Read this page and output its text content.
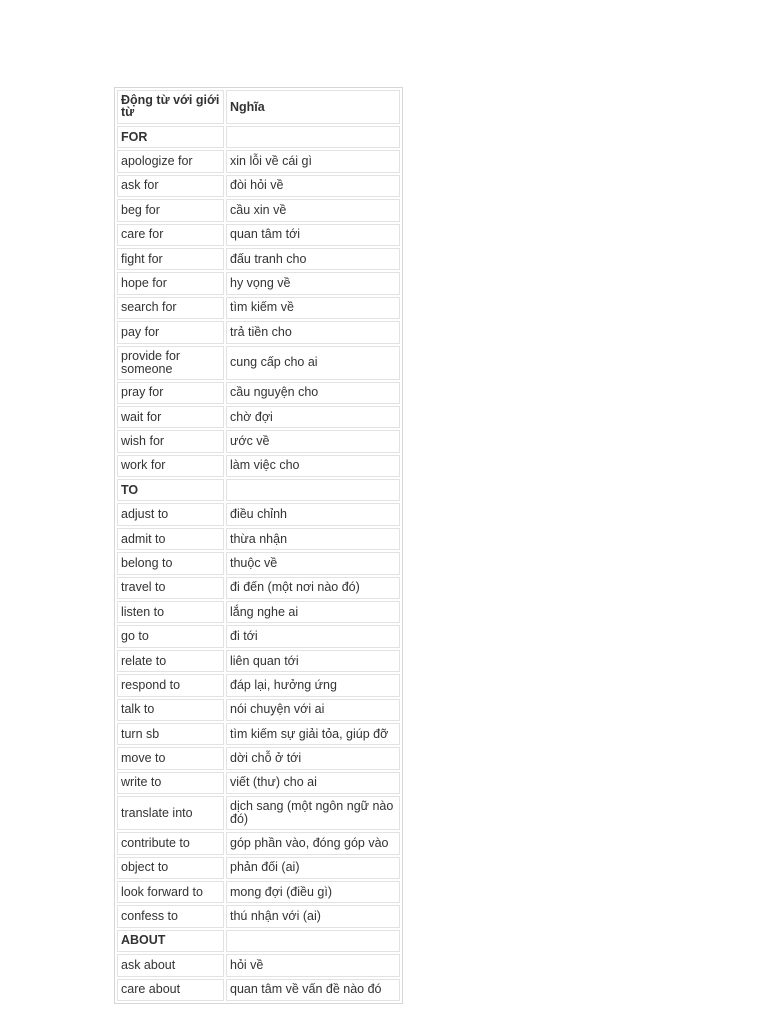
Động từ với giới từ	Nghĩa
FOR	
apologize for	xin lỗi về cái gì
ask for	đòi hỏi về
beg for	cầu xin về
care for	quan tâm tới
fight for	đấu tranh cho
hope for	hy vọng về
search for	tìm kiếm về
pay for	trả tiền cho
provide for someone	cung cấp cho ai
pray for	cầu nguyện cho
wait for	chờ đợi
wish for	ước về
work for	làm việc cho
TO	
adjust to	điều chỉnh
admit to	thừa nhận
belong to	thuộc về
travel to	đi đến (một nơi nào đó)
listen to	lắng nghe ai
go to	đi tới
relate to	liên quan tới
respond to	đáp lại, hưởng ứng
talk to	nói chuyện với ai
turn sb	tìm kiếm sự giải tỏa, giúp đỡ
move to	dời chỗ ở tới
write to	viết (thư) cho ai
translate into	dịch sang (một ngôn ngữ nào đó)
contribute to	góp phần vào, đóng góp vào
object to	phản đối (ai)
look forward to	mong đợi (điều gì)
confess to	thú nhận với (ai)
ABOUT	
ask about	hỏi về
care about	quan tâm về vấn đề nào đó
